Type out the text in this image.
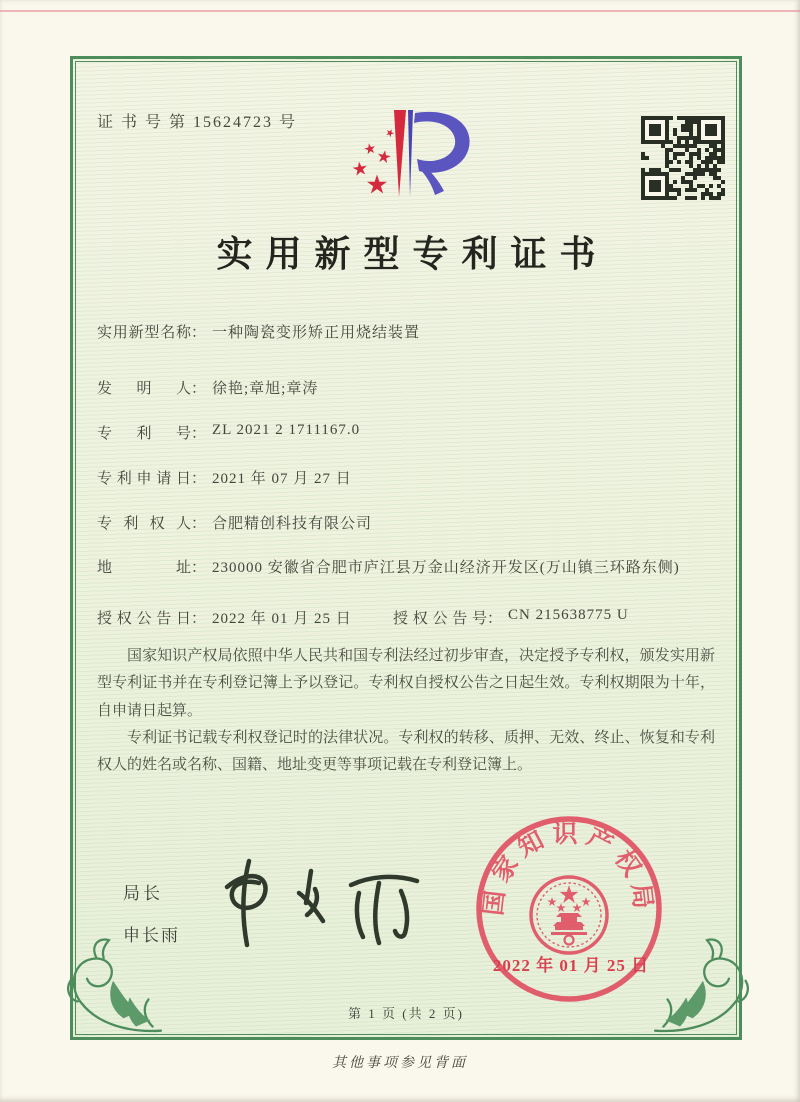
证 书 号 第 15624723 号
实用新型专利证书
实用新型名称： 一种陶瓷变形矫正用烧结装置
发明人： 徐艳;章旭;章涛
专利号： ZL 2021 2 1711167.0
专利申请日： 2021 年 07 月 27 日
专利权人： 合肥精创科技有限公司
地址： 230000 安徽省合肥市庐江县万金山经济开发区(万山镇三环路东侧)
授权公告日： 2022 年 01 月 25 日	授权公告号： CN 215638775 U

国家知识产权局依照中华人民共和国专利法经过初步审查，决定授予专利权，颁发实用新型专利证书并在专利登记簿上予以登记。专利权自授权公告之日起生效。专利权期限为十年，自申请日起算。

专利证书记载专利权登记时的法律状况。专利权的转移、质押、无效、终止、恢复和专利权人的姓名或名称、国籍、地址变更等事项记载在专利登记簿上。

局长
申长雨
国家知识产权局
2022 年 01 月 25 日
第 1 页 (共 2 页)
其他事项参见背面
